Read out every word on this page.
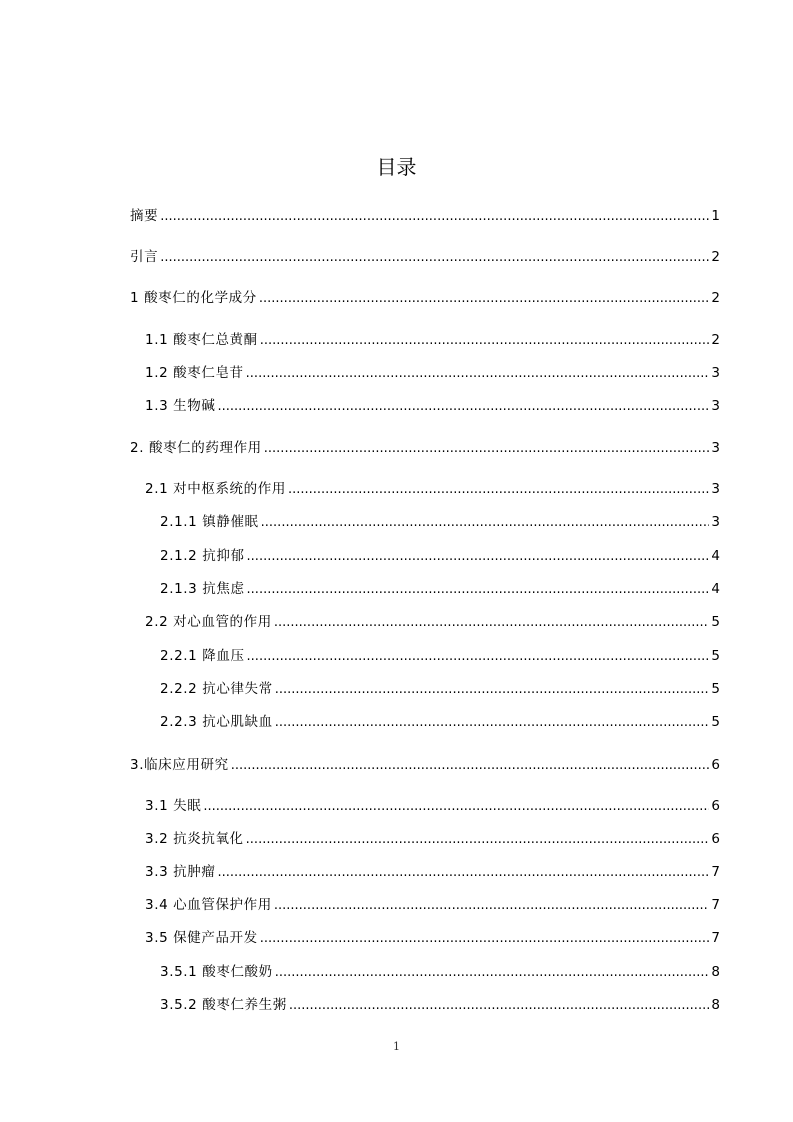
目录
摘要 .....	1
引言 .....	2
1 酸枣仁的化学成分 .....	2
1.1 酸枣仁总黄酮 .....	2
1.2 酸枣仁皂苷 .....	3
1.3 生物碱 .....	3
2. 酸枣仁的药理作用 .....	3
2.1 对中枢系统的作用 .....	3
2.1.1 镇静催眠 .....	3
2.1.2 抗抑郁 .....	4
2.1.3 抗焦虑 .....	4
2.2 对心血管的作用 .....	5
2.2.1 降血压 .....	5
2.2.2 抗心律失常 .....	5
2.2.3 抗心肌缺血 .....	5
3.临床应用研究 .....	6
3.1 失眠 .....	6
3.2 抗炎抗氧化 .....	6
3.3 抗肿瘤 .....	7
3.4 心血管保护作用 .....	7
3.5 保健产品开发 .....	7
3.5.1 酸枣仁酸奶 .....	8
3.5.2 酸枣仁养生粥 .....	8
1
